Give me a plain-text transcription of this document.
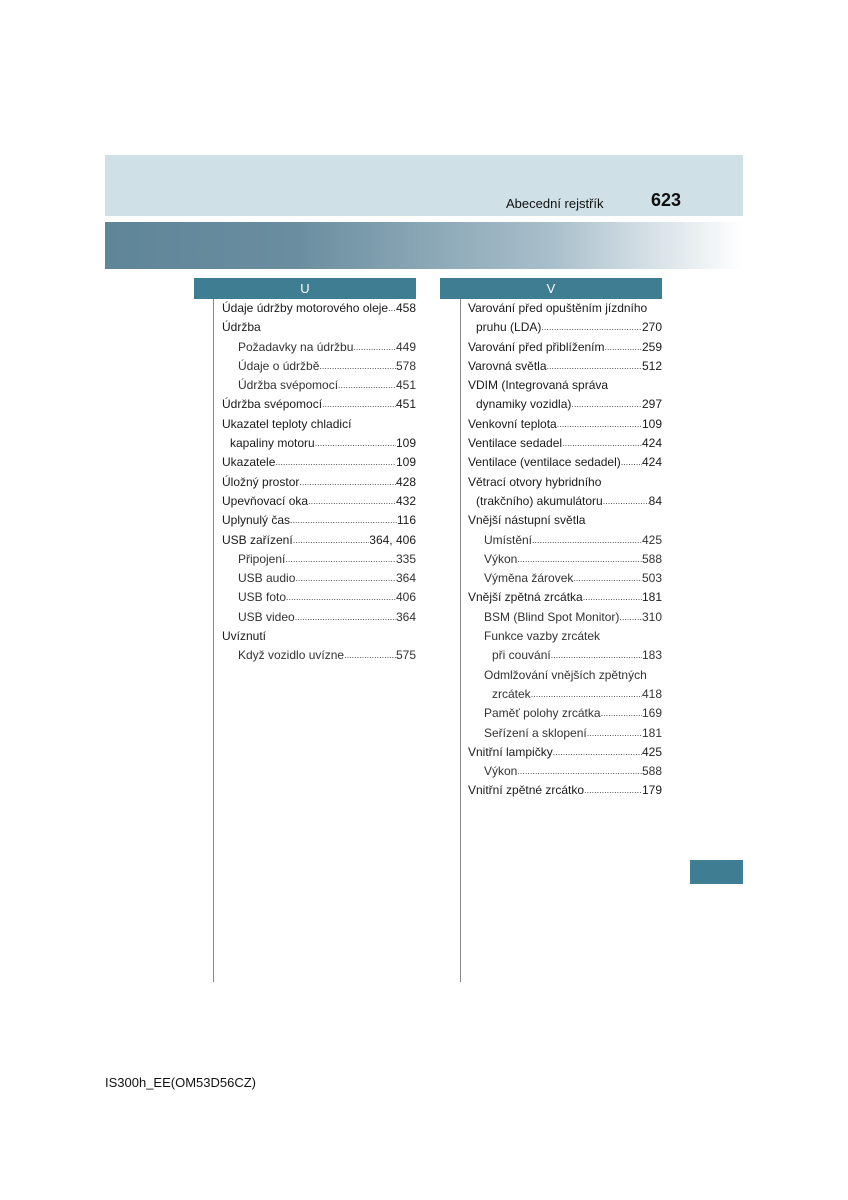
Abecední rejstřík	623
U	V
Údaje údržby motorového oleje ..... 458
Údržba
Požadavky na údržbu .....	449
Údaje o údržbě .....	578
Údržba svépomocí .....	451
Údržba svépomocí .....	451
Ukazatel teploty chladicí
kapaliny motoru .....	109
Ukazatele .....	109
Úložný prostor .....	428
Upevňovací oka .....	432
Uplynulý čas .....	116
USB zařízení .....	364, 406
Připojení .....	335
USB audio .....	364
USB foto .....	406
USB video .....	364
Uvíznutí
Když vozidlo uvízne .....	575
Varování před opuštěním jízdního
pruhu (LDA) .....	270
Varování před přiblížením .....	259
Varovná světla .....	512
VDIM (Integrovaná správa
dynamiky vozidla) .....	297
Venkovní teplota .....	109
Ventilace sedadel .....	424
Ventilace (ventilace sedadel) ..... 424
Větrací otvory hybridního
(trakčního) akumulátoru .....	84
Vnější nástupní světla
Umístění .....	425
Výkon .....	588
Výměna žárovek .....	503
Vnější zpětná zrcátka .....	181
BSM (Blind Spot Monitor) ..... 310
Funkce vazby zrcátek
při couvání .....	183
Odmlžování vnějších zpětných
zrcátek .....	418
Paměť polohy zrcátka .....	169
Seřízení a sklopení .....	181
Vnitřní lampičky .....	425
Výkon .....	588
Vnitřní zpětné zrcátko .....	179
IS300h_EE(OM53D56CZ)
